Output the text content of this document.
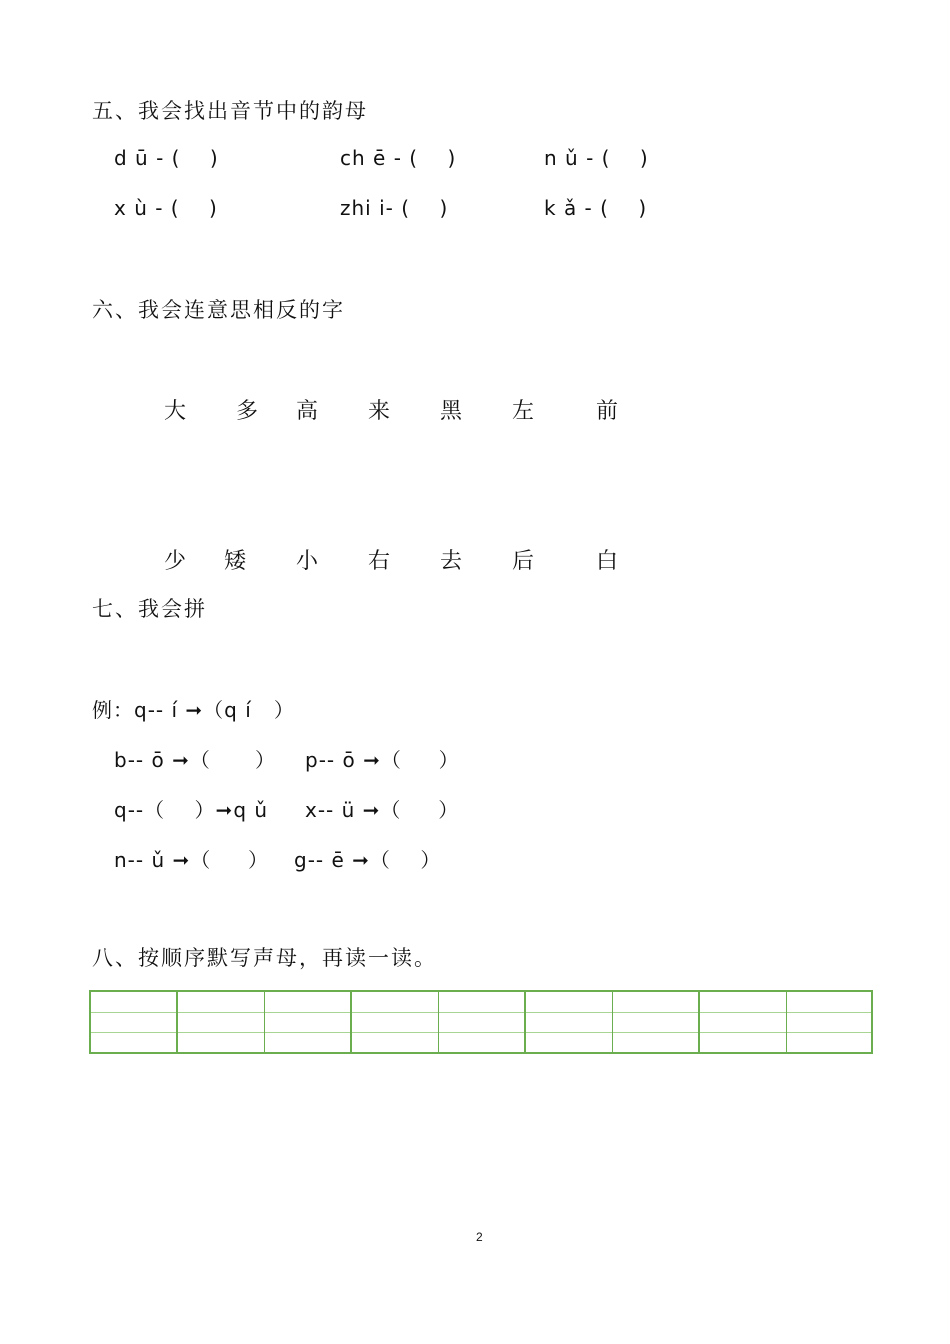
五、我会找出音节中的韵母
d ū - (    )	ch ē - (    )	n ǔ - (    )
x ù - (    )	zhi i- (    )	k ǎ - (    )
六、我会连意思相反的字
大 多 高 来 黑 左	前
少 矮 小 右 去 后	白
七、我会拼
例：q-- í ➞（q í   ）
b-- ō ➞（      ） p-- ō ➞（     ）
q--（    ）➞q ǔ x-- ü ➞（     ）
n-- ǔ ➞（     ） g-- ē ➞（    ）
八、按顺序默写声母，再读一读。
2
